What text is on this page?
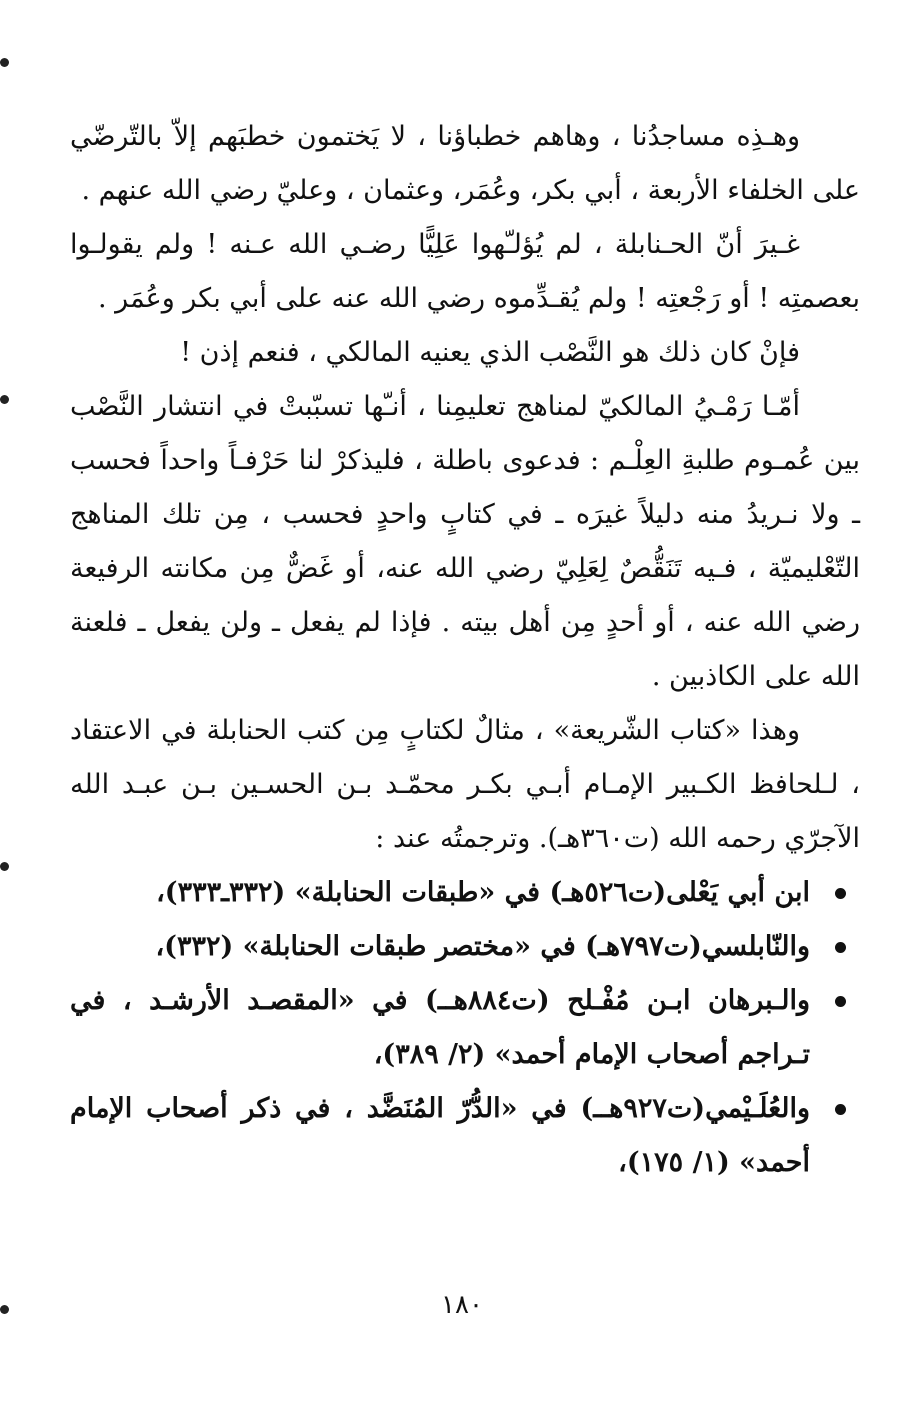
وهـذِه مساجدُنا ، وهاهم خطباؤنا ، لا يَختمون خطبَهم إلاّ بالتّرضّي على الخلفاء الأربعة ، أبي بكر، وعُمَر، وعثمان ، وعليّ رضي الله عنهم .

غـيرَ أنّ الحـنابلة ، لم يُؤلـّهوا عَلِيًّا رضـي الله عـنه ! ولم يقولـوا بعصمتِه ! أو رَجْعتِه ! ولم يُقـدِّموه رضي الله عنه على أبي بكر وعُمَر .

فإنْ كان ذلك هو النَّصْب الذي يعنيه المالكي ، فنعم إذن !

أمّـا رَمْـيُ المالكيّ لمناهج تعليمِنا ، أنـّها تسبّبتْ في انتشار النَّصْب بين عُمـوم طلبةِ العِلْـم : فدعوى باطلة ، فليذكرْ لنا حَرْفـاً واحداً فحسب ـ ولا نـريدُ منه دليلاً غيرَه ـ في كتابٍ واحدٍ فحسب ، مِن تلك المناهج التّعْليميّة ، فـيه تَنَقُّصٌ لِعَلِيّ رضي الله عنه، أو غَضٌّ مِن مكانته الرفيعة رضي الله عنه ، أو أحدٍ مِن أهل بيته . فإذا لم يفعل ـ ولن يفعل ـ فلعنة الله على الكاذبين .

وهذا «كتاب الشّريعة» ، مثالٌ لكتابٍ مِن كتب الحنابلة في الاعتقاد ، لـلحافظ الكـبير الإمـام أبـي بكـر محمّـد بـن الحسـين بـن عبـد الله الآجرّي رحمه الله (ت٣٦٠هـ). وترجمتُه عند :

ابن أبي يَعْلى(ت٥٢٦هـ) في «طبقات الحنابلة» (٣٣٢ـ٣٣٣)،
والنّابلسي(ت٧٩٧هـ) في «مختصر طبقات الحنابلة» (٣٣٢)،
والـبرهان ابـن مُفْـلح (ت٨٨٤هــ) في «المقصـد الأرشـد ، في تـراجم أصحاب الإمام أحمد» (٢/ ٣٨٩)،
والعُلَـيْمي(ت٩٢٧هــ) في «الدُّرّ المُنَضَّد ، في ذكر أصحاب الإمام أحمد» (١/ ١٧٥)،
١٨٠
